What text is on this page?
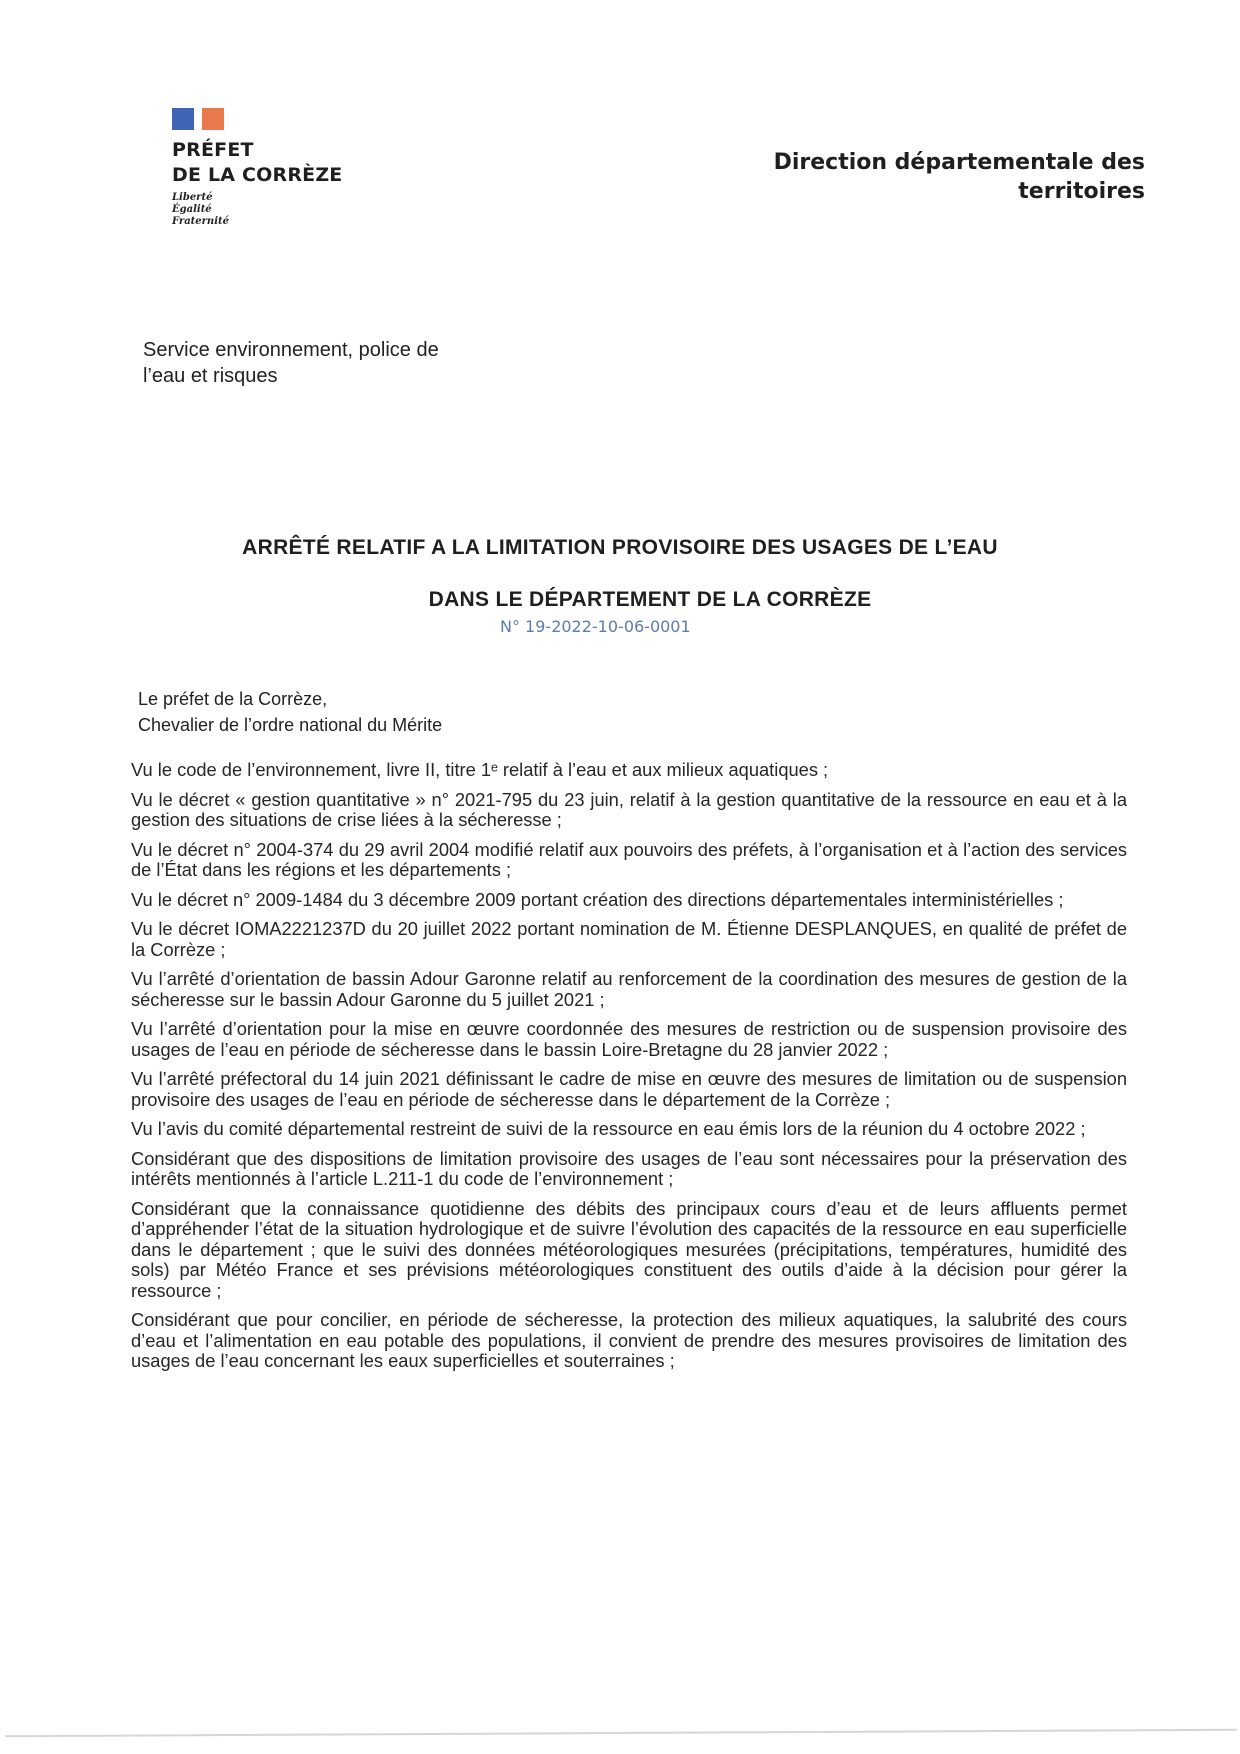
PRÉFET
DE LA CORRÈZE
Liberté
Égalité
Fraternité
Direction départementale des
territoires
Service environnement, police de
l’eau et risques
ARRÊTÉ RELATIF A LA LIMITATION PROVISOIRE DES USAGES DE L’EAU
DANS LE DÉPARTEMENT DE LA CORRÈZE
N° 19-2022-10-06-0001
Le préfet de la Corrèze,
Chevalier de l’ordre national du Mérite

Vu le code de l’environnement, livre II, titre 1ᵉ relatif à l’eau et aux milieux aquatiques ;

Vu le décret « gestion quantitative » n° 2021-795 du 23 juin, relatif à la gestion quantitative de la ressource en eau et à la gestion des situations de crise liées à la sécheresse ;

Vu le décret n° 2004-374 du 29 avril 2004 modifié relatif aux pouvoirs des préfets, à l’organisation et à l’action des services de l’État dans les régions et les départements ;

Vu le décret n° 2009-1484 du 3 décembre 2009 portant création des directions départementales interministérielles ;

Vu le décret IOMA2221237D du 20 juillet 2022 portant nomination de M. Étienne DESPLANQUES, en qualité de préfet de la Corrèze ;

Vu l’arrêté d’orientation de bassin Adour Garonne relatif au renforcement de la coordination des mesures de gestion de la sécheresse sur le bassin Adour Garonne du 5 juillet 2021 ;

Vu l’arrêté d’orientation pour la mise en œuvre coordonnée des mesures de restriction ou de suspension provisoire des usages de l’eau en période de sécheresse dans le bassin Loire-Bretagne du 28 janvier 2022 ;

Vu l’arrêté préfectoral du 14 juin 2021 définissant le cadre de mise en œuvre des mesures de limitation ou de suspension provisoire des usages de l’eau en période de sécheresse dans le département de la Corrèze ;

Vu l’avis du comité départemental restreint de suivi de la ressource en eau émis lors de la réunion du 4 octobre 2022 ;

Considérant que des dispositions de limitation provisoire des usages de l’eau sont nécessaires pour la préservation des intérêts mentionnés à l’article L.211-1 du code de l’environnement ;

Considérant que la connaissance quotidienne des débits des principaux cours d’eau et de leurs affluents permet d’appréhender l’état de la situation hydrologique et de suivre l’évolution des capacités de la ressource en eau superficielle dans le département ; que le suivi des données météorologiques mesurées (précipitations, températures, humidité des sols) par Météo France et ses prévisions météorologiques constituent des outils d’aide à la décision pour gérer la ressource ;

Considérant que pour concilier, en période de sécheresse, la protection des milieux aquatiques, la salubrité des cours d’eau et l’alimentation en eau potable des populations, il convient de prendre des mesures provisoires de limitation des usages de l’eau concernant les eaux superficielles et souterraines ;
